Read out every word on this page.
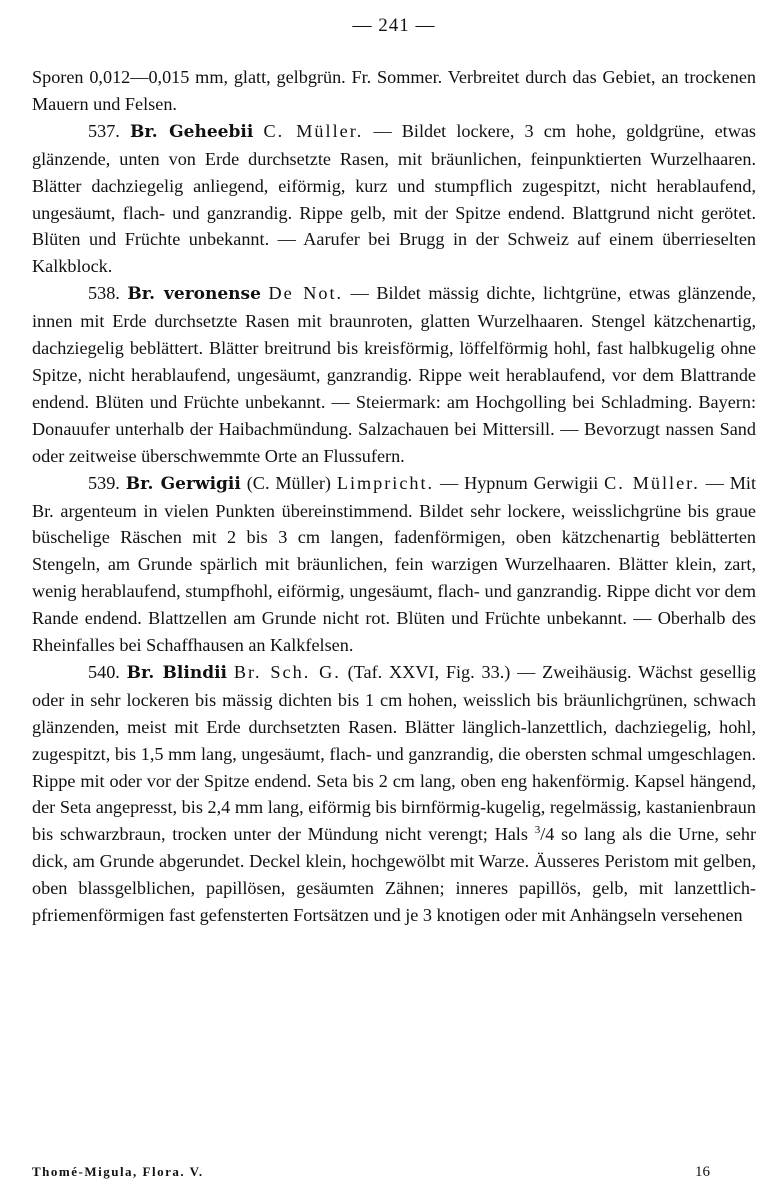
— 241 —

Sporen 0,012—0,015 mm, glatt, gelbgrün. Fr. Sommer. Verbreitet durch das Gebiet, an trockenen Mauern und Felsen.

537. Br. Geheebii C. Müller. — Bildet lockere, 3 cm hohe, goldgrüne, etwas glänzende, unten von Erde durchsetzte Rasen, mit bräunlichen, feinpunktierten Wurzelhaaren. Blätter dachziegelig anliegend, eiförmig, kurz und stumpflich zugespitzt, nicht herablaufend, ungesäumt, flach- und ganzrandig. Rippe gelb, mit der Spitze endend. Blattgrund nicht gerötet. Blüten und Früchte unbekannt. — Aarufer bei Brugg in der Schweiz auf einem überrieselten Kalkblock.

538. Br. veronense De Not. — Bildet mässig dichte, lichtgrüne, etwas glänzende, innen mit Erde durchsetzte Rasen mit braunroten, glatten Wurzelhaaren. Stengel kätzchenartig, dachziegelig beblättert. Blätter breitrund bis kreisförmig, löffelförmig hohl, fast halbkugelig ohne Spitze, nicht herablaufend, ungesäumt, ganzrandig. Rippe weit herablaufend, vor dem Blattrande endend. Blüten und Früchte unbekannt. — Steiermark: am Hochgolling bei Schladming. Bayern: Donauufer unterhalb der Haibachmündung. Salzachauen bei Mittersill. — Bevorzugt nassen Sand oder zeitweise überschwemmte Orte an Flussufern.

539. Br. Gerwigii (C. Müller) Limpricht. — Hypnum Gerwigii C. Müller. — Mit Br. argenteum in vielen Punkten übereinstimmend. Bildet sehr lockere, weisslichgrüne bis graue büschelige Räschen mit 2 bis 3 cm langen, fadenförmigen, oben kätzchenartig beblätterten Stengeln, am Grunde spärlich mit bräunlichen, fein warzigen Wurzelhaaren. Blätter klein, zart, wenig herablaufend, stumpfhohl, eiförmig, ungesäumt, flach- und ganzrandig. Rippe dicht vor dem Rande endend. Blattzellen am Grunde nicht rot. Blüten und Früchte unbekannt. — Oberhalb des Rheinfalles bei Schaffhausen an Kalkfelsen.

540. Br. Blindii Br. Sch. G. (Taf. XXVI, Fig. 33.) — Zweihäusig. Wächst gesellig oder in sehr lockeren bis mässig dichten bis 1 cm hohen, weisslich bis bräunlichgrünen, schwach glänzenden, meist mit Erde durchsetzten Rasen. Blätter länglich-lanzettlich, dachziegelig, hohl, zugespitzt, bis 1,5 mm lang, ungesäumt, flach- und ganzrandig, die obersten schmal umgeschlagen. Rippe mit oder vor der Spitze endend. Seta bis 2 cm lang, oben eng hakenförmig. Kapsel hängend, der Seta angepresst, bis 2,4 mm lang, eiförmig bis birnförmig-kugelig, regelmässig, kastanienbraun bis schwarzbraun, trocken unter der Mündung nicht verengt; Hals $^3$/4 so lang als die Urne, sehr dick, am Grunde abgerundet. Deckel klein, hochgewölbt mit Warze. Äusseres Peristom mit gelben, oben blassgelblichen, papillösen, gesäumten Zähnen; inneres papillös, gelb, mit lanzettlich-pfriemenförmigen fast gefensterten Fortsätzen und je 3 knotigen oder mit Anhängseln versehenen

Thomé-Migula, Flora. V.	16
